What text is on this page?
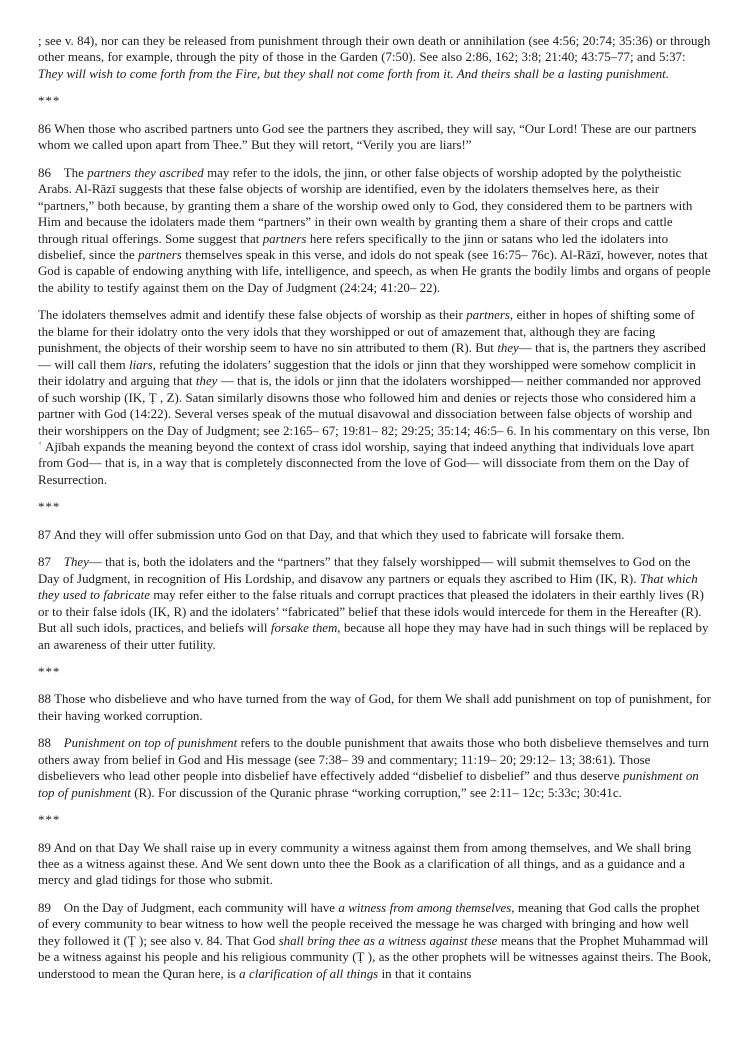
; see v. 84), nor can they be released from punishment through their own death or annihilation (see 4:56; 20:74; 35:36) or through other means, for example, through the pity of those in the Garden (7:50). See also 2:86, 162; 3:8; 21:40; 43:75–77; and 5:37: They will wish to come forth from the Fire, but they shall not come forth from it. And theirs shall be a lasting punishment.

***

86 When those who ascribed partners unto God see the partners they ascribed, they will say, “Our Lord! These are our partners whom we called upon apart from Thee.” But they will retort, “Verily you are liars!”

86 The partners they ascribed may refer to the idols, the jinn, or other false objects of worship adopted by the polytheistic Arabs. Al-Rāzī suggests that these false objects of worship are identified, even by the idolaters themselves here, as their “partners,” both because, by granting them a share of the worship owed only to God, they considered them to be partners with Him and because the idolaters made them “partners” in their own wealth by granting them a share of their crops and cattle through ritual offerings. Some suggest that partners here refers specifically to the jinn or satans who led the idolaters into disbelief, since the partners themselves speak in this verse, and idols do not speak (see 16:75– 76c). Al-Rāzī, however, notes that God is capable of endowing anything with life, intelligence, and speech, as when He grants the bodily limbs and organs of people the ability to testify against them on the Day of Judgment (24:24; 41:20– 22).

The idolaters themselves admit and identify these false objects of worship as their partners, either in hopes of shifting some of the blame for their idolatry onto the very idols that they worshipped or out of amazement that, although they are facing punishment, the objects of their worship seem to have no sin attributed to them (R). But they— that is, the partners they ascribed— will call them liars, refuting the idolaters’ suggestion that the idols or jinn that they worshipped were somehow complicit in their idolatry and arguing that they — that is, the idols or jinn that the idolaters worshipped— neither commanded nor approved of such worship (IK, Ṭ , Z). Satan similarly disowns those who followed him and denies or rejects those who considered him a partner with God (14:22). Several verses speak of the mutual disavowal and dissociation between false objects of worship and their worshippers on the Day of Judgment; see 2:165– 67; 19:81– 82; 29:25; 35:14; 46:5– 6. In his commentary on this verse, Ibn ʿ Ajībah expands the meaning beyond the context of crass idol worship, saying that indeed anything that individuals love apart from God— that is, in a way that is completely disconnected from the love of God— will dissociate from them on the Day of Resurrection.

***

87 And they will offer submission unto God on that Day, and that which they used to fabricate will forsake them.

87 They— that is, both the idolaters and the “partners” that they falsely worshipped— will submit themselves to God on the Day of Judgment, in recognition of His Lordship, and disavow any partners or equals they ascribed to Him (IK, R). That which they used to fabricate may refer either to the false rituals and corrupt practices that pleased the idolaters in their earthly lives (R) or to their false idols (IK, R) and the idolaters’ “fabricated” belief that these idols would intercede for them in the Hereafter (R). But all such idols, practices, and beliefs will forsake them, because all hope they may have had in such things will be replaced by an awareness of their utter futility.

***

88 Those who disbelieve and who have turned from the way of God, for them We shall add punishment on top of punishment, for their having worked corruption.

88 Punishment on top of punishment refers to the double punishment that awaits those who both disbelieve themselves and turn others away from belief in God and His message (see 7:38– 39 and commentary; 11:19– 20; 29:12– 13; 38:61). Those disbelievers who lead other people into disbelief have effectively added “disbelief to disbelief” and thus deserve punishment on top of punishment (R). For discussion of the Quranic phrase “working corruption,” see 2:11– 12c; 5:33c; 30:41c.

***

89 And on that Day We shall raise up in every community a witness against them from among themselves, and We shall bring thee as a witness against these. And We sent down unto thee the Book as a clarification of all things, and as a guidance and a mercy and glad tidings for those who submit.

89 On the Day of Judgment, each community will have a witness from among themselves, meaning that God calls the prophet of every community to bear witness to how well the people received the message he was charged with bringing and how well they followed it (Ṭ ); see also v. 84. That God shall bring thee as a witness against these means that the Prophet Muhammad will be a witness against his people and his religious community (Ṭ ), as the other prophets will be witnesses against theirs. The Book, understood to mean the Quran here, is a clarification of all things in that it contains
